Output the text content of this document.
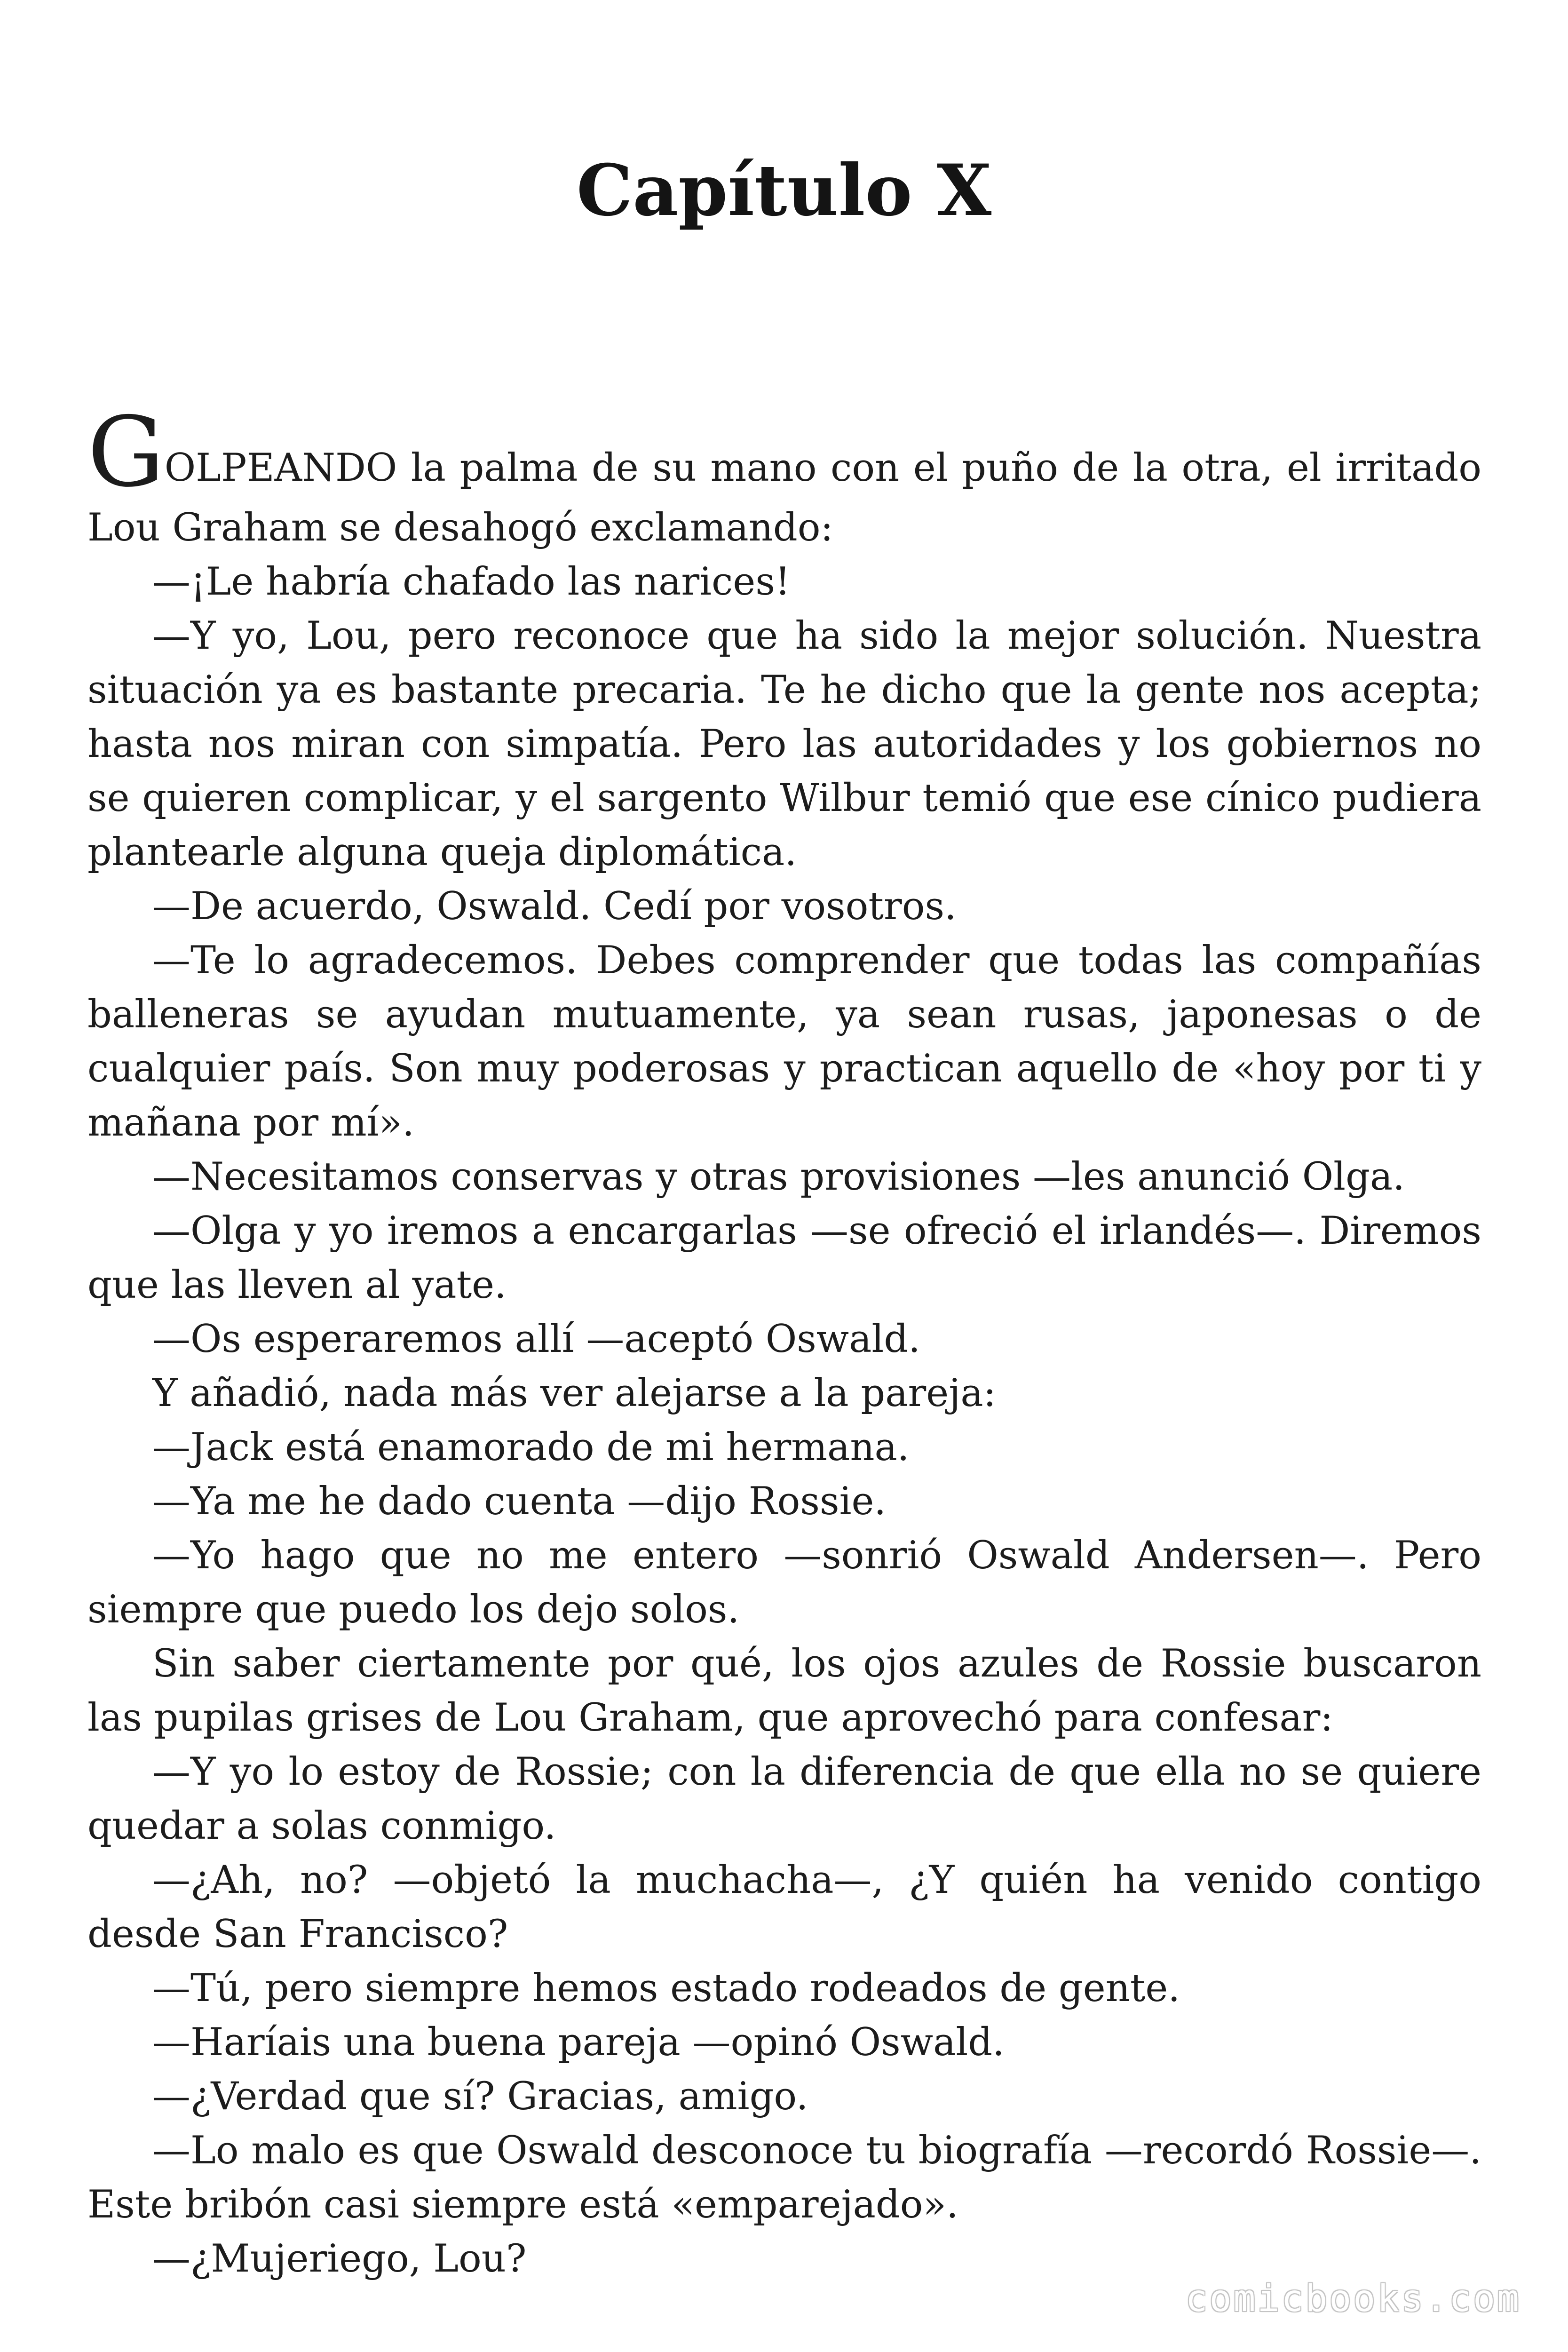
Capítulo X

GOLPEANDO la palma de su mano con el puño de la otra, el irritado Lou Graham se desahogó exclamando:

—¡Le habría chafado las narices!

—Y yo, Lou, pero reconoce que ha sido la mejor solución. Nuestra situación ya es bastante precaria. Te he dicho que la gente nos acepta; hasta nos miran con simpatía. Pero las autoridades y los gobiernos no se quieren complicar, y el sargento Wilbur temió que ese cínico pudiera plantearle alguna queja diplomática.

—De acuerdo, Oswald. Cedí por vosotros.

—Te lo agradecemos. Debes comprender que todas las compañías balleneras se ayudan mutuamente, ya sean rusas, japonesas o de cualquier país. Son muy poderosas y practican aquello de «hoy por ti y mañana por mí».

—Necesitamos conservas y otras provisiones —les anunció Olga.

—Olga y yo iremos a encargarlas —se ofreció el irlandés—. Diremos que las lleven al yate.

—Os esperaremos allí —aceptó Oswald.

Y añadió, nada más ver alejarse a la pareja:

—Jack está enamorado de mi hermana.

—Ya me he dado cuenta —dijo Rossie.

—Yo hago que no me entero —sonrió Oswald Andersen—. Pero siempre que puedo los dejo solos.

Sin saber ciertamente por qué, los ojos azules de Rossie buscaron las pupilas grises de Lou Graham, que aprovechó para confesar:

—Y yo lo estoy de Rossie; con la diferencia de que ella no se quiere quedar a solas conmigo.

—¿Ah, no? —objetó la muchacha—, ¿Y quién ha venido contigo desde San Francisco?

—Tú, pero siempre hemos estado rodeados de gente.

—Haríais una buena pareja —opinó Oswald.

—¿Verdad que sí? Gracias, amigo.

—Lo malo es que Oswald desconoce tu biografía —recordó Rossie—. Este bribón casi siempre está «emparejado».

—¿Mujeriego, Lou?

comicbooks.com
